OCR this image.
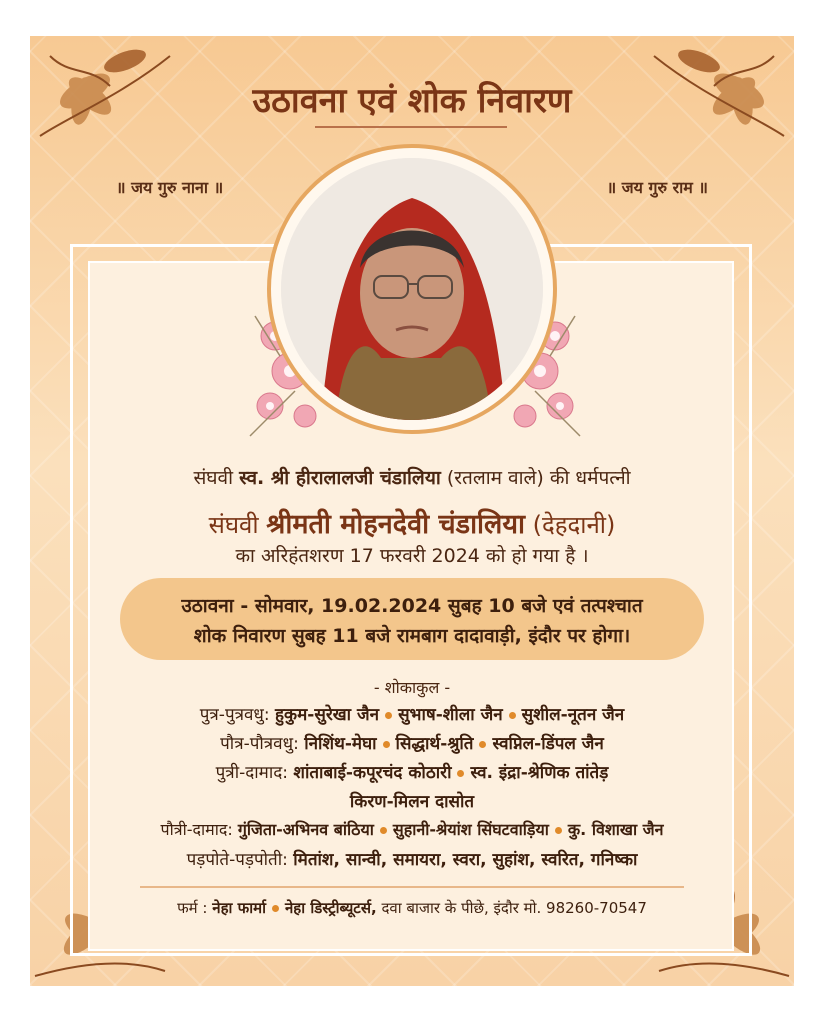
उठावना एवं शोक निवारण
॥ जय गुरु नाना ॥	॥ जय गुरु राम ॥
संघवी स्व. श्री हीरालालजी चंडालिया (रतलाम वाले) की धर्मपत्नी
संघवी श्रीमती मोहनदेवी चंडालिया (देहदानी)
का अरिहंतशरण 17 फरवरी 2024 को हो गया है ।
उठावना - सोमवार, 19.02.2024 सुबह 10 बजे एवं तत्पश्चात
शोक निवारण सुबह 11 बजे रामबाग दादावाड़ी, इंदौर पर होगा।
- शोकाकुल -
पुत्र-पुत्रवधु: हुकुम-सुरेखा जैन सुभाष-शीला जैन सुशील-नूतन जैन
पौत्र-पौत्रवधु: निशिंथ-मेघा सिद्धार्थ-श्रुति स्वप्निल-डिंपल जैन
पुत्री-दामाद: शांताबाई-कपूरचंद कोठारी स्व. इंद्रा-श्रेणिक तांतेड़
किरण-मिलन दासोत
पौत्री-दामाद: गुंजिता-अभिनव बांठिया सुहानी-श्रेयांश सिंघटवाड़िया कु. विशाखा जैन
पड़पोते-पड़पोती: मितांश, सान्वी, समायरा, स्वरा, सुहांश, स्वरित, गनिष्का
फर्म : नेहा फार्मा नेहा डिस्ट्रीब्यूटर्स, दवा बाजार के पीछे, इंदौर मो. 98260-70547
